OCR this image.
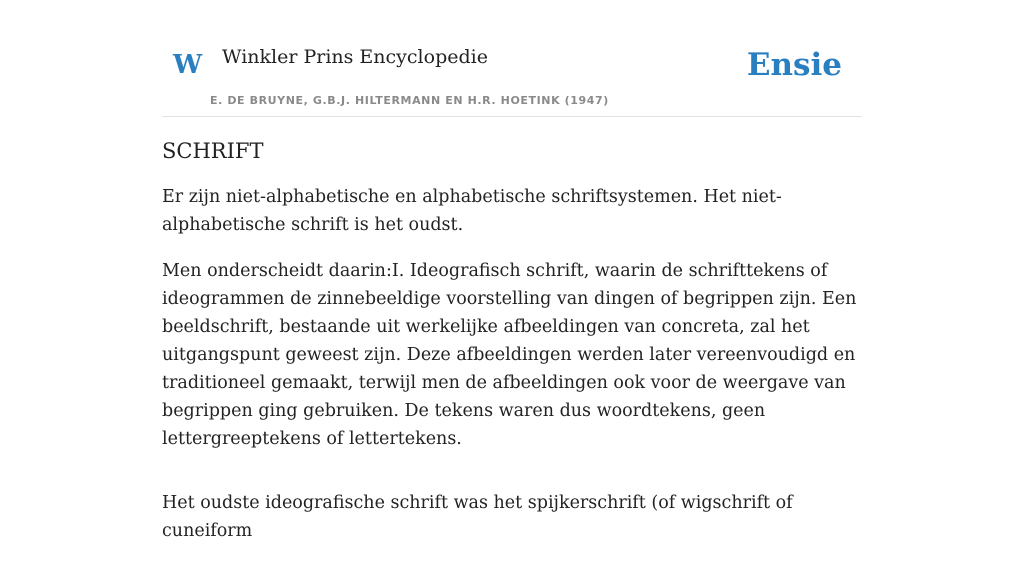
W Winkler Prins Encyclopedie
E. DE BRUYNE, G.B.J. HILTERMANN EN H.R. HOETINK (1947)
Ensie
SCHRIFT

Er zijn niet-alphabetische en alphabetische schriftsystemen. Het niet-
alphabetische schrift is het oudst.

Men onderscheidt daarin:I. Ideografisch schrift, waarin de schrifttekens of
ideogrammen de zinnebeeldige voorstelling van dingen of begrippen zijn. Een
beeldschrift, bestaande uit werkelijke afbeeldingen van concreta, zal het
uitgangspunt geweest zijn. Deze afbeeldingen werden later vereenvoudigd en
traditioneel gemaakt, terwijl men de afbeeldingen ook voor de weergave van
begrippen ging gebruiken. De tekens waren dus woordtekens, geen
lettergreeptekens of lettertekens.

Het oudste ideografische schrift was het spijkerschrift (of wigschrift of cuneiform
